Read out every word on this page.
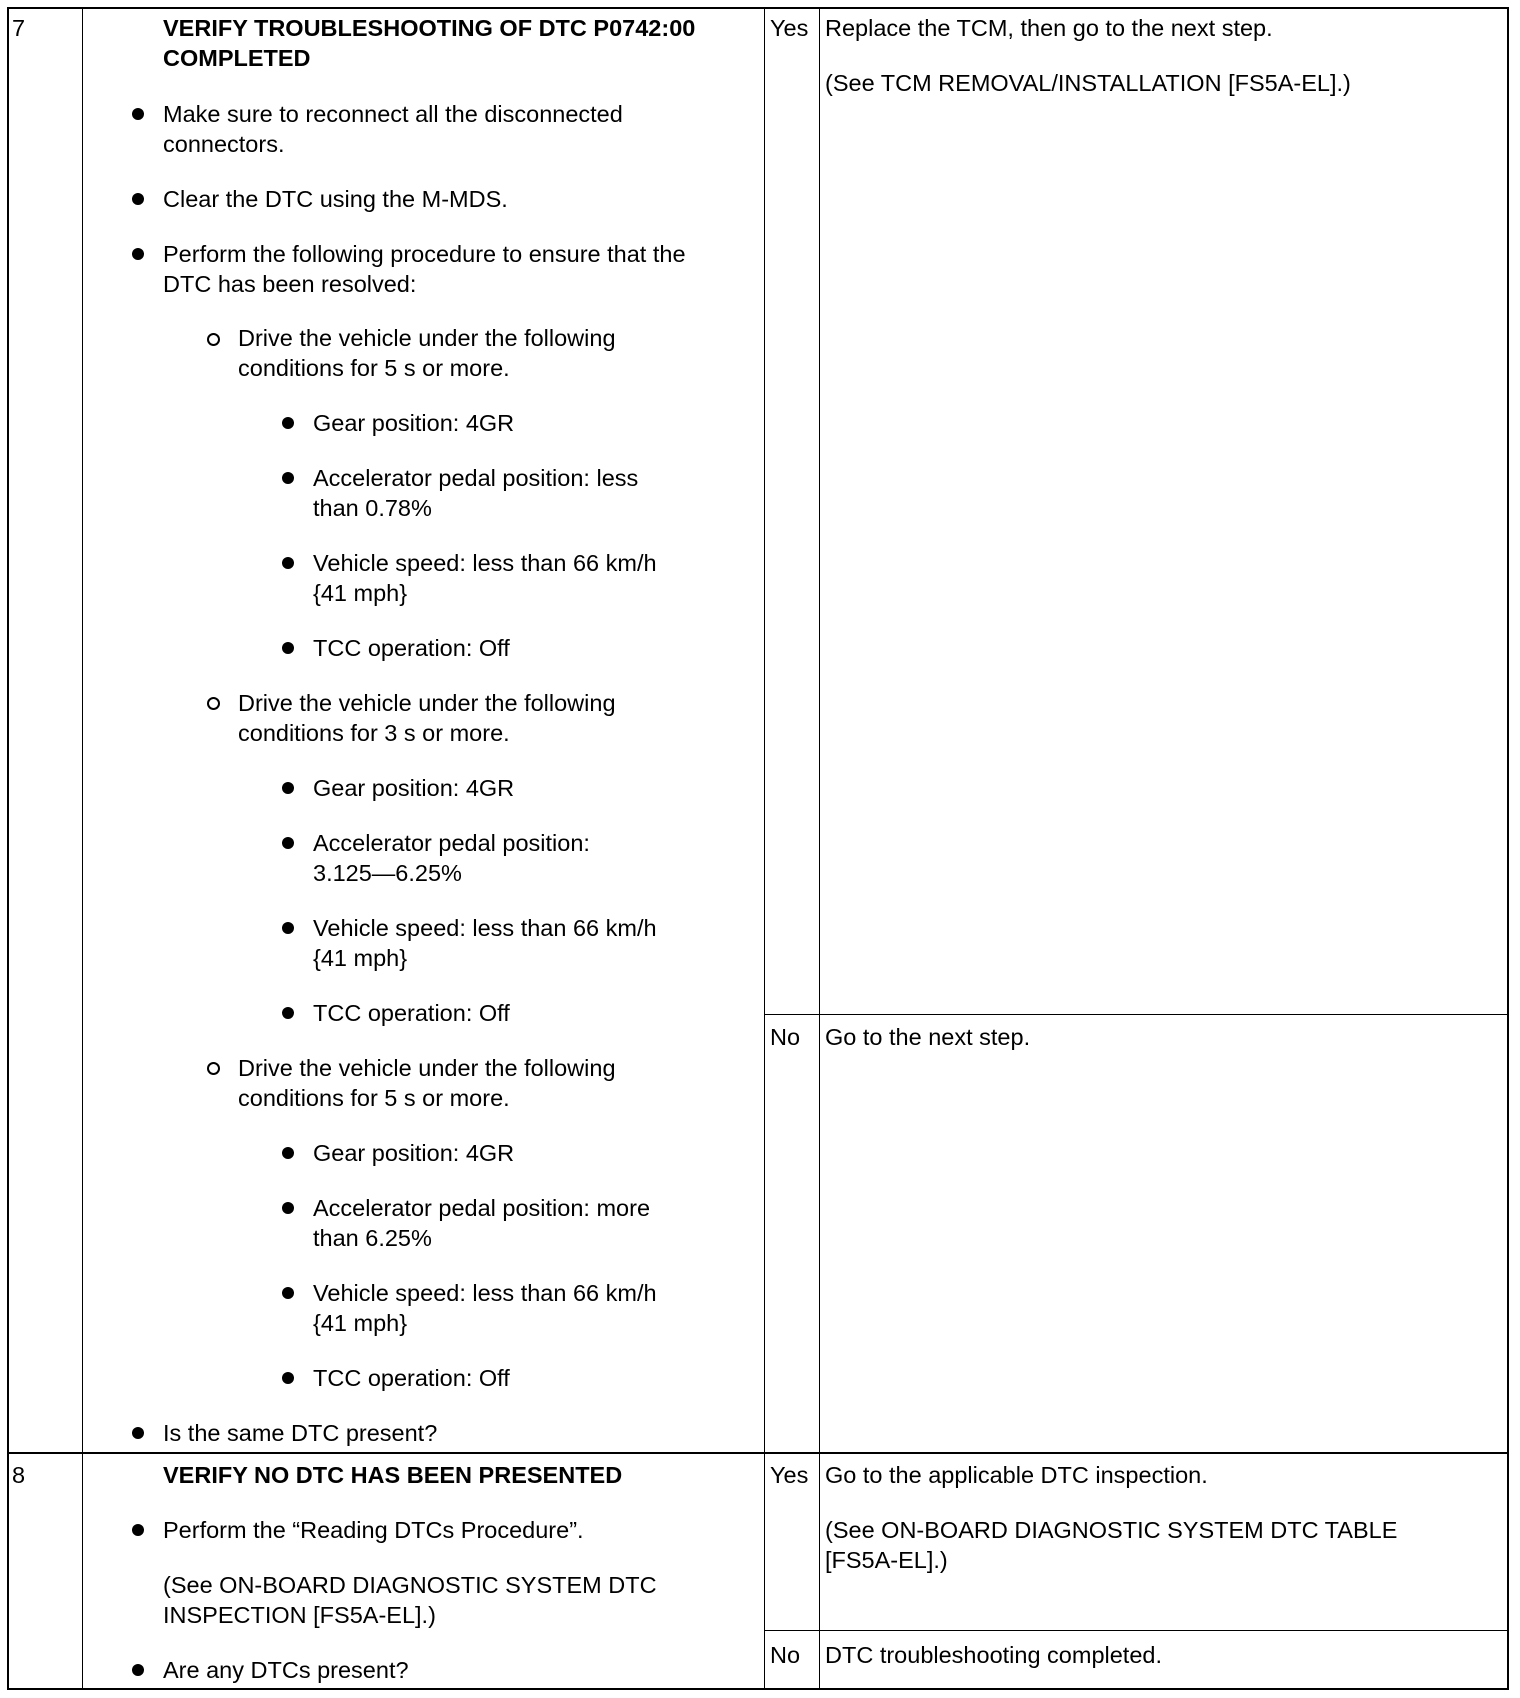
7	VERIFY TROUBLESHOOTING OF DTC P0742:00
COMPLETED
Make sure to reconnect all the disconnected
connectors.
Clear the DTC using the M-MDS.
Perform the following procedure to ensure that the
DTC has been resolved:
Drive the vehicle under the following
conditions for 5 s or more.
Gear position: 4GR
Accelerator pedal position: less
than 0.78%
Vehicle speed: less than 66 km/h
{41 mph}
TCC operation: Off
Drive the vehicle under the following
conditions for 3 s or more.
Gear position: 4GR
Accelerator pedal position:
3.125—6.25%
Vehicle speed: less than 66 km/h
{41 mph}
TCC operation: Off
Drive the vehicle under the following
conditions for 5 s or more.
Gear position: 4GR
Accelerator pedal position: more
than 6.25%
Vehicle speed: less than 66 km/h
{41 mph}
TCC operation: Off
Is the same DTC present?
Yes Replace the TCM, then go to the next step.
(See TCM REMOVAL/INSTALLATION [FS5A-EL].)
No Go to the next step.
8	VERIFY NO DTC HAS BEEN PRESENTED
Perform the “Reading DTCs Procedure”.
(See ON-BOARD DIAGNOSTIC SYSTEM DTC
INSPECTION [FS5A-EL].)
Are any DTCs present?
Yes Go to the applicable DTC inspection.
(See ON-BOARD DIAGNOSTIC SYSTEM DTC TABLE
[FS5A-EL].)
No DTC troubleshooting completed.
